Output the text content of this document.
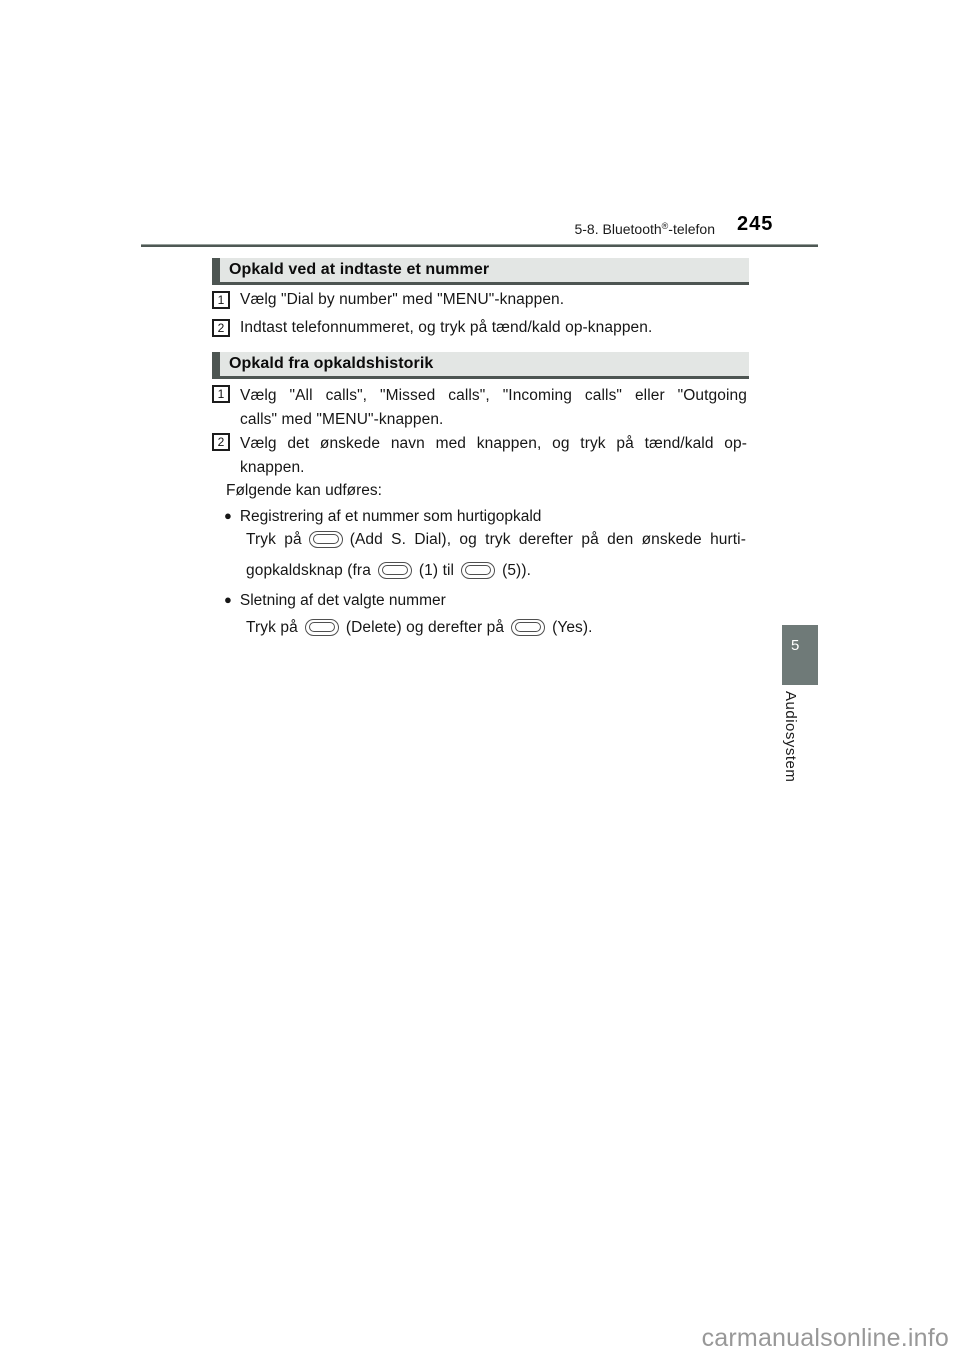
5-8. Bluetooth®-telefon 245
Opkald ved at indtaste et nummer
1	Vælg "Dial by number" med "MENU"-knappen.
2	Indtast telefonnummeret, og tryk på tænd/kald op-knappen.
Opkald fra opkaldshistorik
1	Vælg "All calls", "Missed calls", "Incoming calls" eller "Outgoing
calls" med "MENU"-knappen.
2	Vælg det ønskede navn med knappen, og tryk på tænd/kald op-
knappen.
Følgende kan udføres:
● Registrering af et nummer som hurtigopkald
Tryk på	(Add S. Dial), og tryk derefter på den ønskede hurti-
gopkaldsknap (fra	(1) til	(5)).
● Sletning af det valgte nummer
Tryk på	(Delete) og derefter på	(Yes).
5
Audiosystem
carmanualsonline.info
